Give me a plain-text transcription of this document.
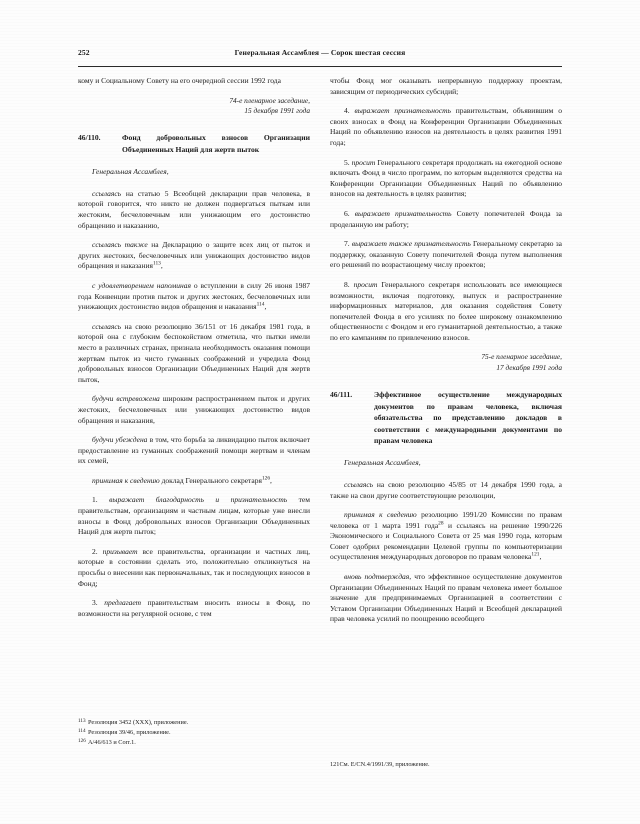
252	Генеральная Ассамблея — Сорок шестая сессия

кому и Социальному Совету на его очередной сессии 1992 года

74-е пленарное заседание,
15 декабря 1991 года
46/110.	Фонд добровольных взносов Организации Объединенных Наций для жертв пыток

Генеральная Ассамблея,

ссылаясь на статью 5 Всеобщей декларации прав человека, в которой говорится, что никто не должен подвергаться пыткам или жестоким, бесчеловечным или унижающим его достоинство обращению и наказанию,

ссылаясь также на Декларацию о защите всех лиц от пыток и других жестоких, бесчеловечных или унижающих достоинство видов обращения и наказания$^{113}$,

с удовлетворением напоминая о вступлении в силу 26 июня 1987 года Конвенции против пыток и других жестоких, бесчеловечных или унижающих достоинство видов обращения и наказания$^{114}$,

ссылаясь на свою резолюцию 36/151 от 16 декабря 1981 года, в которой она с глубоким беспокойством отметила, что пытки имели место в различных странах, признала необходимость оказания помощи жертвам пыток из чисто гуманных соображений и учредила Фонд добровольных взносов Организации Объединенных Наций для жертв пыток,

будучи встревожена широким распространением пыток и других жестоких, бесчеловечных или унижающих достоинство видов обращения и наказания,

будучи убеждена в том, что борьба за ликвидацию пыток включает предоставление из гуманных соображений помощи жертвам и членам их семей,

принимая к сведению доклад Генерального секретаря$^{126}$,

1. выражает благодарность и признательность тем правительствам, организациям и частным лицам, которые уже внесли взносы в Фонд добровольных взносов Организации Объединенных Наций для жертв пыток;

2. призывает все правительства, организации и частных лиц, которые в состоянии сделать это, положительно откликнуться на просьбы о внесении как первоначальных, так и последующих взносов в Фонд;

3. предлагает правительствам вносить взносы в Фонд, по возможности на регулярной основе, с тем

чтобы Фонд мог оказывать непрерывную поддержку проектам, зависящим от периодических субсидий;

4. выражает признательность правительствам, объявившим о своих взносах в Фонд на Конференции Организации Объединенных Наций по объявлению взносов на деятельность в целях развития 1991 года;

5. просит Генерального секретаря продолжать на ежегодной основе включать Фонд в число программ, по которым выделяются средства на Конференции Организации Объединенных Наций по объявлению взносов на деятельность в целях развития;

6. выражает признательность Совету попечителей Фонда за проделанную им работу;

7. выражает также признательность Генеральному секретарю за поддержку, оказанную Совету попечителей Фонда путем выполнения его решений по возрастающему числу проектов;

8. просит Генерального секретаря использовать все имеющиеся возможности, включая подготовку, выпуск и распространение информационных материалов, для оказания содействия Совету попечителей Фонда в его усилиях по более широкому ознакомлению общественности с Фондом и его гуманитарной деятельностью, а также по его кампаниям по привлечению взносов.

75-е пленарное заседание,
17 декабря 1991 года
46/111.	Эффективное осуществление международных документов по правам человека, включая обязательства по представлению докладов в соответствии с международными документами по правам человека

Генеральная Ассамблея,

ссылаясь на свою резолюцию 45/85 от 14 декабря 1990 года, а также на свои другие соответствующие резолюции,

принимая к сведению резолюцию 1991/20 Комиссии по правам человека от 1 марта 1991 года$^{28}$ и ссылаясь на решение 1990/226 Экономического и Социального Совета от 25 мая 1990 года, которым Совет одобрил рекомендации Целевой группы по компьютеризации осуществления международных договоров по правам человека$^{121}$,

вновь подтверждая, что эффективное осуществление документов Организации Объединенных Наций по правам человека имеет большое значение для предпринимаемых Организацией в соответствии с Уставом Организации Объединенных Наций и Всеобщей декларацией прав человека усилий по поощрению всеобщего

113 Резолюция 3452 (XXX), приложение.
114 Резолюция 39/46, приложение.
126 A/46/613 и Corr.1.
121См. E/CN.4/1991/39, приложение.
